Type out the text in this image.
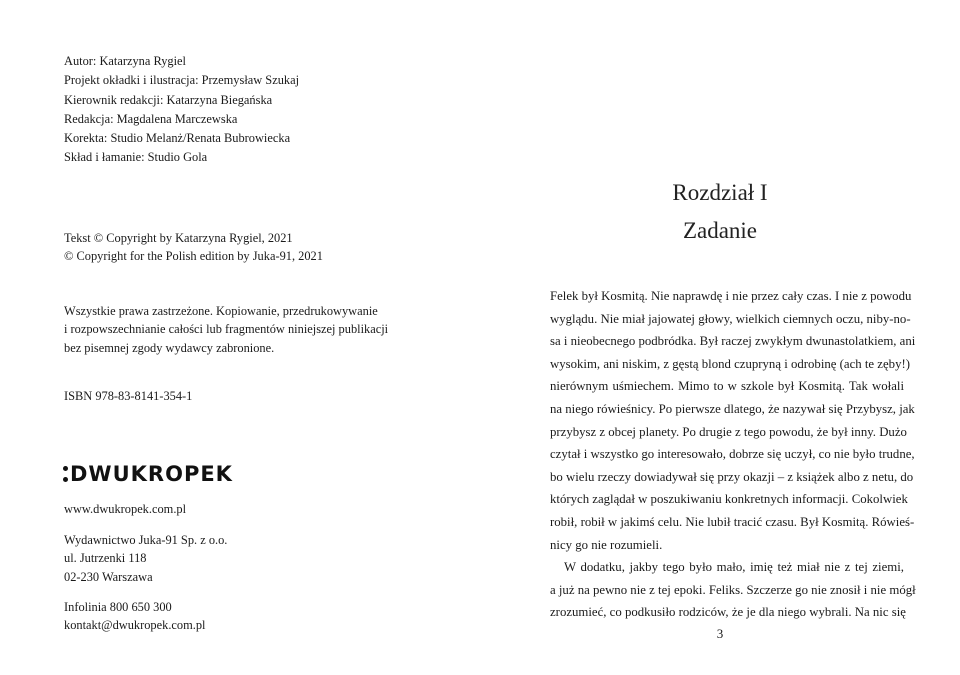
Autor: Katarzyna Rygiel
Projekt okładki i ilustracja: Przemysław Szukaj
Kierownik redakcji: Katarzyna Biegańska
Redakcja: Magdalena Marczewska
Korekta: Studio Melanż/Renata Bubrowiecka
Skład i łamanie: Studio Gola
Tekst © Copyright by Katarzyna Rygiel, 2021
© Copyright for the Polish edition by Juka-91, 2021
Wszystkie prawa zastrzeżone. Kopiowanie, przedrukowywanie
i rozpowszechnianie całości lub fragmentów niniejszej publikacji
bez pisemnej zgody wydawcy zabronione.
ISBN 978-83-8141-354-1
DWUKROPEK
www.dwukropek.com.pl
Wydawnictwo Juka-91 Sp. z o.o.
ul. Jutrzenki 118
02-230 Warszawa
Infolinia 800 650 300
kontakt@dwukropek.com.pl
Rozdział I
Zadanie
Felek był Kosmitą. Nie naprawdę i nie przez cały czas. I nie z powodu
wyglądu. Nie miał jajowatej głowy, wielkich ciemnych oczu, niby-no-
sa i nieobecnego podbródka. Był raczej zwykłym dwunastolatkiem, ani
wysokim, ani niskim, z gęstą blond czupryną i odrobinę (ach te zęby!)
nierównym uśmiechem. Mimo to w szkole był Kosmitą. Tak wołali
na niego rówieśnicy. Po pierwsze dlatego, że nazywał się Przybysz, jak
przybysz z obcej planety. Po drugie z tego powodu, że był inny. Dużo
czytał i wszystko go interesowało, dobrze się uczył, co nie było trudne,
bo wielu rzeczy dowiadywał się przy okazji – z książek albo z netu, do
których zaglądał w poszukiwaniu konkretnych informacji. Cokolwiek
robił, robił w jakimś celu. Nie lubił tracić czasu. Był Kosmitą. Rówieś-
nicy go nie rozumieli.
W dodatku, jakby tego było mało, imię też miał nie z tej ziemi,
a już na pewno nie z tej epoki. Feliks. Szczerze go nie znosił i nie mógł
zrozumieć, co podkusiło rodziców, że je dla niego wybrali. Na nic się
3
